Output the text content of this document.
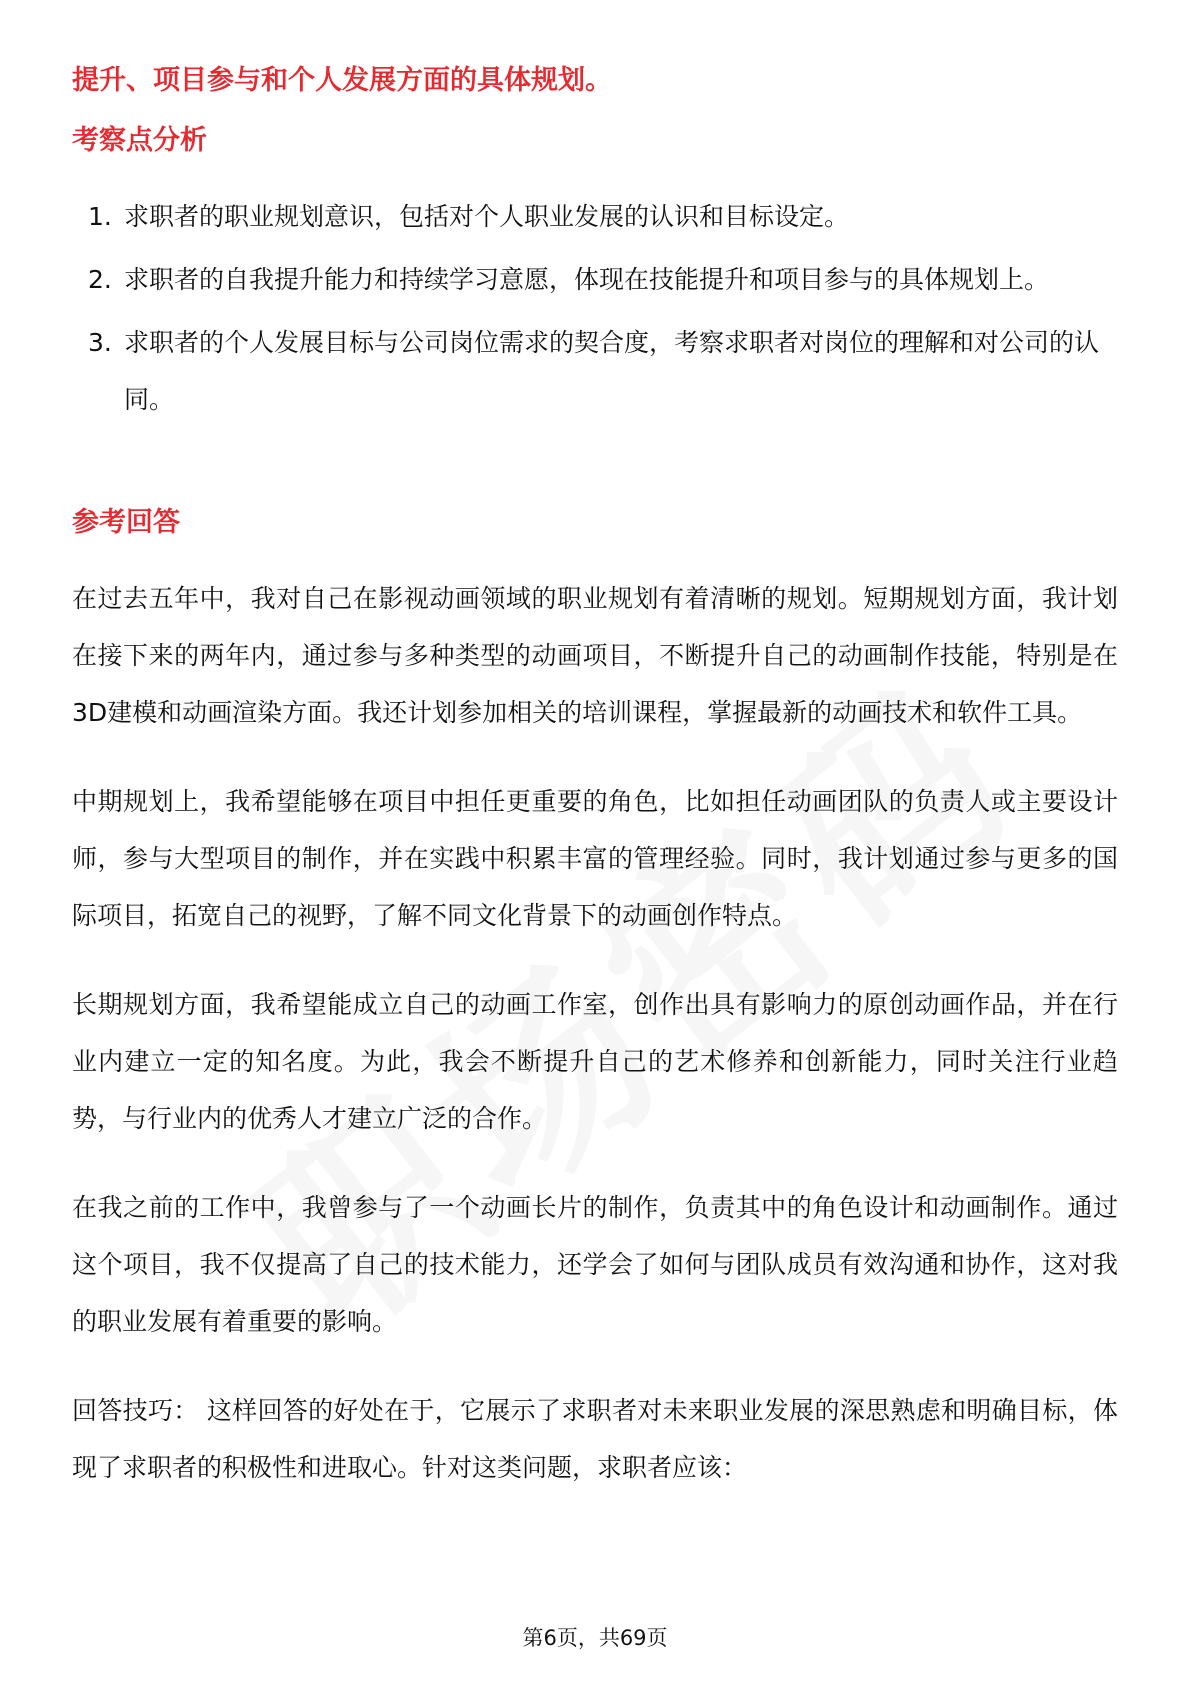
提升、项目参与和个人发展方面的具体规划。
考察点分析
1. 求职者的职业规划意识，包括对个人职业发展的认识和目标设定。
2. 求职者的自我提升能力和持续学习意愿，体现在技能提升和项目参与的具体规划上。
3. 求职者的个人发展目标与公司岗位需求的契合度，考察求职者对岗位的理解和对公司的认同。
参考回答

在过去五年中，我对自己在影视动画领域的职业规划有着清晰的规划。短期规划方面，我计划在接下来的两年内，通过参与多种类型的动画项目，不断提升自己的动画制作技能，特别是在3D建模和动画渲染方面。我还计划参加相关的培训课程，掌握最新的动画技术和软件工具。

中期规划上，我希望能够在项目中担任更重要的角色，比如担任动画团队的负责人或主要设计师，参与大型项目的制作，并在实践中积累丰富的管理经验。同时，我计划通过参与更多的国际项目，拓宽自己的视野，了解不同文化背景下的动画创作特点。

长期规划方面，我希望能成立自己的动画工作室，创作出具有影响力的原创动画作品，并在行业内建立一定的知名度。为此，我会不断提升自己的艺术修养和创新能力，同时关注行业趋势，与行业内的优秀人才建立广泛的合作。

在我之前的工作中，我曾参与了一个动画长片的制作，负责其中的角色设计和动画制作。通过这个项目，我不仅提高了自己的技术能力，还学会了如何与团队成员有效沟通和协作，这对我的职业发展有着重要的影响。

回答技巧： 这样回答的好处在于，它展示了求职者对未来职业发展的深思熟虑和明确目标，体现了求职者的积极性和进取心。针对这类问题，求职者应该：

第6页，共69页
